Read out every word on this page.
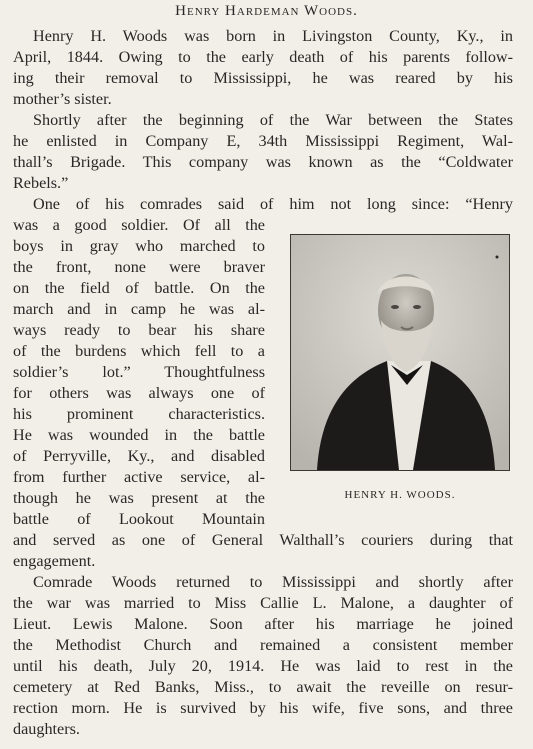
Henry Hardeman Woods.
Henry H. Woods was born in Livingston County, Ky., in
April, 1844. Owing to the early death of his parents follow-
ing their removal to Mississippi, he was reared by his
mother’s sister.
Shortly after the beginning of the War between the States
he enlisted in Company E, 34th Mississippi Regiment, Wal-
thall’s Brigade. This company was known as the “Coldwater
Rebels.”
One of his comrades said of him not long since: “Henry
was a good soldier. Of all the
boys in gray who marched to
the front, none were braver
on the field of battle. On the
march and in camp he was al-
ways ready to bear his share
of the burdens which fell to a
soldier’s lot.” Thoughtfulness
for others was always one of
his prominent characteristics.
He was wounded in the battle
of Perryville, Ky., and disabled
from further active service, al-
though he was present at the
battle of Lookout Mountain
and served as one of General Walthall’s couriers during that
engagement.
Comrade Woods returned to Mississippi and shortly after
the war was married to Miss Callie L. Malone, a daughter of
Lieut. Lewis Malone. Soon after his marriage he joined
the Methodist Church and remained a consistent member
until his death, July 20, 1914. He was laid to rest in the
cemetery at Red Banks, Miss., to await the reveille on resur-
rection morn. He is survived by his wife, five sons, and three
daughters.
HENRY H. WOODS.
